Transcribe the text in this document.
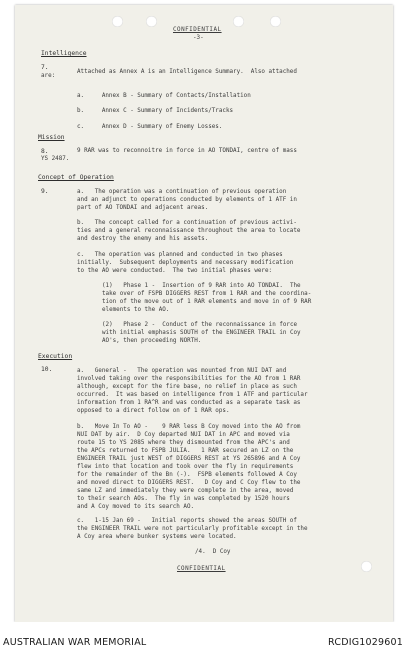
CONFIDENTIAL
-3-
Intelligence
7.
Attached as Annex A is an Intelligence Summary.  Also attached
are:
a.     Annex B - Summary of Contacts/Installation
b.     Annex C - Summary of Incidents/Tracks
c.     Annex D - Summary of Enemy Losses.
Mission
8.	9 RAR was to reconnoitre in force in AO TONDAI, centre of mass
YS 2487.
Concept of Operation
9.	a.   The operation was a continuation of previous operation
and an adjunct to operations conducted by elements of 1 ATF in
part of AO TONDAI and adjacent areas.
b.   The concept called for a continuation of previous activi-
ties and a general reconnaissance throughout the area to locate
and destroy the enemy and his assets.
c.   The operation was planned and conducted in two phases
initially.  Subsequent deployments and necessary modification
to the AO were conducted.  The two initial phases were:
(1)   Phase 1 -  Insertion of 9 RAR into AO TONDAI.  The
take over of FSPB DIGGERS REST from 1 RAR and the coordina-
tion of the move out of 1 RAR elements and move in of 9 RAR
elements to the AO.
(2)   Phase 2 -  Conduct of the reconnaissance in force
with initial emphasis SOUTH of the ENGINEER TRAIL in Coy
AO's, then proceeding NORTH.
Execution
10.	a.   General -   The operation was mounted from NUI DAT and
involved taking over the responsibilities for the AO from 1 RAR
although, except for the fire base, no relief in place as such
occurred.  It was based on intelligence from 1 ATF and particular
information from 1 RA^R and was conducted as a separate task as
opposed to a direct follow on of 1 RAR ops.
b.   Move In To AO -    9 RAR less B Coy moved into the AO from
NUI DAT by air.  D Coy departed NUI DAT in APC and moved via
route 15 to YS 2085 where they dismounted from the APC's and
the APCs returned to FSPB JULIA.   1 RAR secured an LZ on the
ENGINEER TRAIL just WEST of DIGGERS REST at YS 265896 and A Coy
flew into that location and took over the fly in requirements
for the remainder of the Bn (-).  FSPB elements followed A Coy
and moved direct to DIGGERS REST.   D Coy and C Coy flew to the
same LZ and immediately they were complete in the area, moved
to their search AOs.  The fly in was completed by 1520 hours
and A Coy moved to its search AO.
c.   1-15 Jan 69 -   Initial reports showed the areas SOUTH of
the ENGINEER TRAIL were not particularly profitable except in the
A Coy area where bunker systems were located.
/4.  D Coy
CONFIDENTIAL
AUSTRALIAN WAR MEMORIAL	RCDIG1029601
